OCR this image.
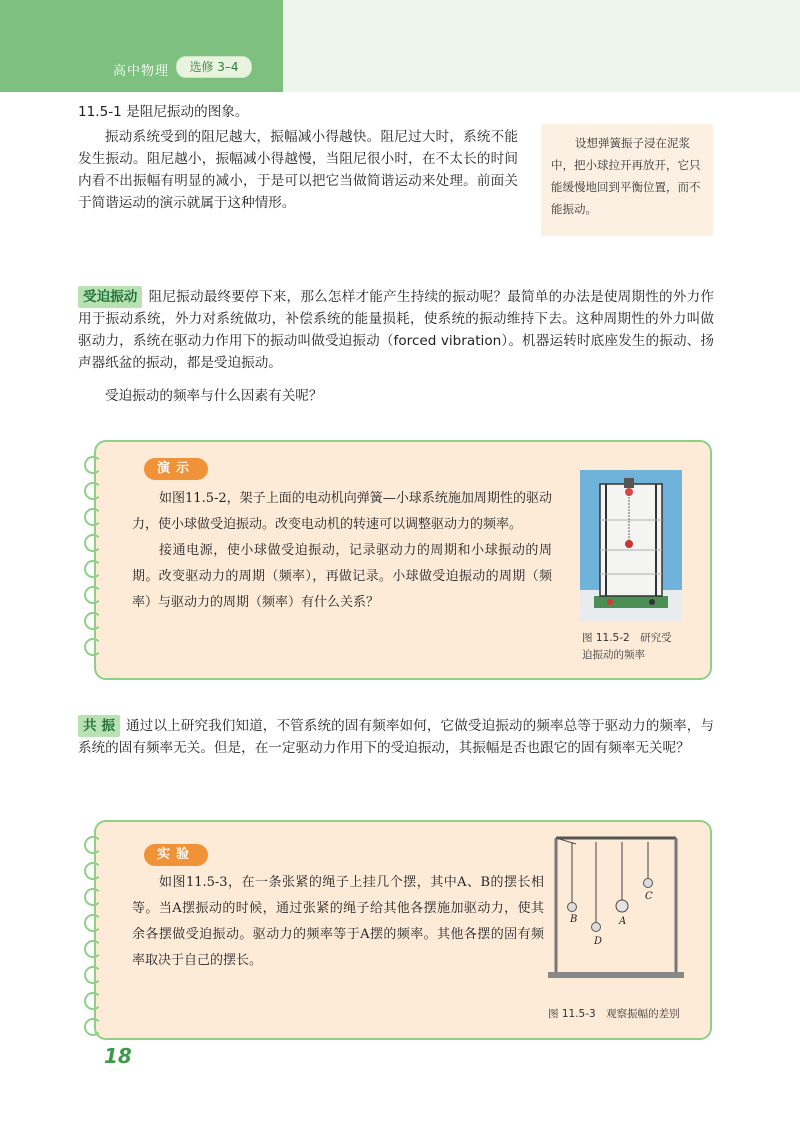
高中物理	选修 3–4

11.5-1 是阻尼振动的图象。

振动系统受到的阻尼越大，振幅减小得越快。阻尼过大时，系统不能发生振动。阻尼越小，振幅减小得越慢，当阻尼很小时，在不太长的时间内看不出振幅有明显的减小，于是可以把它当做简谐运动来处理。前面关于简谐运动的演示就属于这种情形。

设想弹簧振子浸在泥浆中，把小球拉开再放开，它只能缓慢地回到平衡位置，而不能振动。

受迫振动 阻尼振动最终要停下来，那么怎样才能产生持续的振动呢？最简单的办法是使周期性的外力作用于振动系统，外力对系统做功，补偿系统的能量损耗，使系统的振动维持下去。这种周期性的外力叫做驱动力，系统在驱动力作用下的振动叫做受迫振动（forced vibration）。机器运转时底座发生的振动、扬声器纸盆的振动，都是受迫振动。

受迫振动的频率与什么因素有关呢？

演示
如图11.5-2，架子上面的电动机向弹簧—小球系统施加周期性的驱动力，使小球做受迫振动。改变电动机的转速可以调整驱动力的频率。
接通电源，使小球做受迫振动，记录驱动力的周期和小球振动的周期。改变驱动力的周期（频率），再做记录。小球做受迫振动的周期（频率）与驱动力的周期（频率）有什么关系？
图 11.5-2　研究受
迫振动的频率

共 振 通过以上研究我们知道，不管系统的固有频率如何，它做受迫振动的频率总等于驱动力的频率，与系统的固有频率无关。但是，在一定驱动力作用下的受迫振动，其振幅是否也跟它的固有频率无关呢？

实验
如图11.5-3，在一条张紧的绳子上挂几个摆，其中A、B的摆长相等。当A摆振动的时候，通过张紧的绳子给其他各摆施加驱动力，使其余各摆做受迫振动。驱动力的频率等于A摆的频率。其他各摆的固有频率取决于自己的摆长。
B
D
A
C
图 11.5-3　观察振幅的差别
18
